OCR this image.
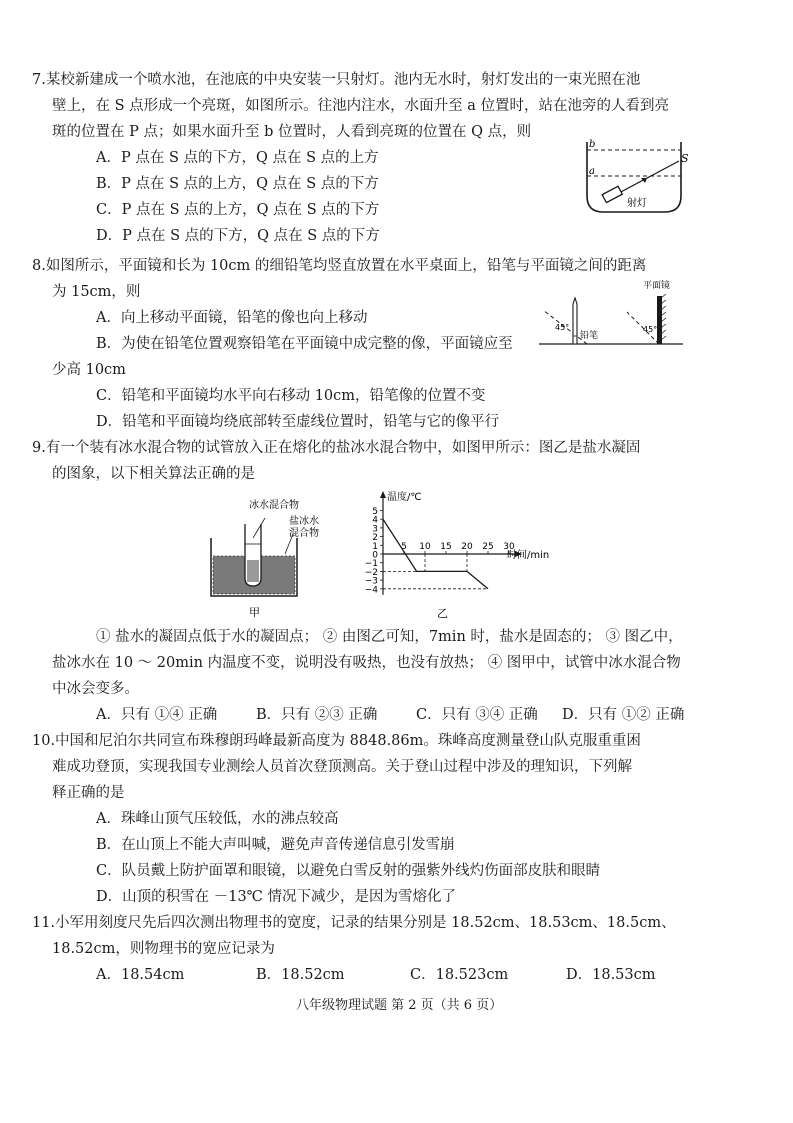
7.某校新建成一个喷水池，在池底的中央安装一只射灯。池内无水时，射灯发出的一束光照在池
壁上，在 S 点形成一个亮斑，如图所示。往池内注水，水面升至 a 位置时，站在池旁的人看到亮
斑的位置在 P 点；如果水面升至 b 位置时，人看到亮斑的位置在 Q 点，则
A．P 点在 S 点的下方，Q 点在 S 点的上方
B．P 点在 S 点的上方，Q 点在 S 点的下方
C．P 点在 S 点的上方，Q 点在 S 点的下方
D．P 点在 S 点的下方，Q 点在 S 点的下方
b
a
S
射灯
8.如图所示，平面镜和长为 10cm 的细铅笔均竖直放置在水平桌面上，铅笔与平面镜之间的距离
为 15cm，则
A．向上移动平面镜，铅笔的像也向上移动
B．为使在铅笔位置观察铅笔在平面镜中成完整的像，平面镜应至
少高 10cm
C．铅笔和平面镜均水平向右移动 10cm，铅笔像的位置不变
D．铅笔和平面镜均绕底部转至虚线位置时，铅笔与它的像平行
平面镜
铅笔
45°	45°
9.有一个装有冰水混合物的试管放入正在熔化的盐冰水混合物中，如图甲所示：图乙是盐水凝固
的图象，以下相关算法正确的是
冰水混合物
盐冰水
混合物
甲
5
4
3
2
1
0
−1
−2
−3
−4
5 10 15 20 25 30
温度/℃
时间/min
乙
① 盐水的凝固点低于水的凝固点； ② 由图乙可知，7min 时，盐水是固态的； ③ 图乙中，
盐冰水在 10 ～ 20min 内温度不变，说明没有吸热，也没有放热； ④ 图甲中，试管中冰水混合物
中冰会变多。
A．只有 ①④ 正确	B．只有 ②③ 正确	C．只有 ③④ 正确 D．只有 ①② 正确
10.中国和尼泊尔共同宣布珠穆朗玛峰最新高度为 8848.86m。珠峰高度测量登山队克服重重困
难成功登顶，实现我国专业测绘人员首次登顶测高。关于登山过程中涉及的理知识，下列解
释正确的是
A．珠峰山顶气压较低，水的沸点较高
B．在山顶上不能大声叫喊，避免声音传递信息引发雪崩
C．队员戴上防护面罩和眼镜，以避免白雪反射的强紫外线灼伤面部皮肤和眼睛
D．山顶的积雪在 －13℃ 情况下减少，是因为雪熔化了
11.小军用刻度尺先后四次测出物理书的宽度，记录的结果分别是 18.52cm、18.53cm、18.5cm、
18.52cm，则物理书的宽应记录为
A．18.54cm	B．18.52cm	C．18.523cm	D．18.53cm
八年级物理试题 第 2 页（共 6 页）
